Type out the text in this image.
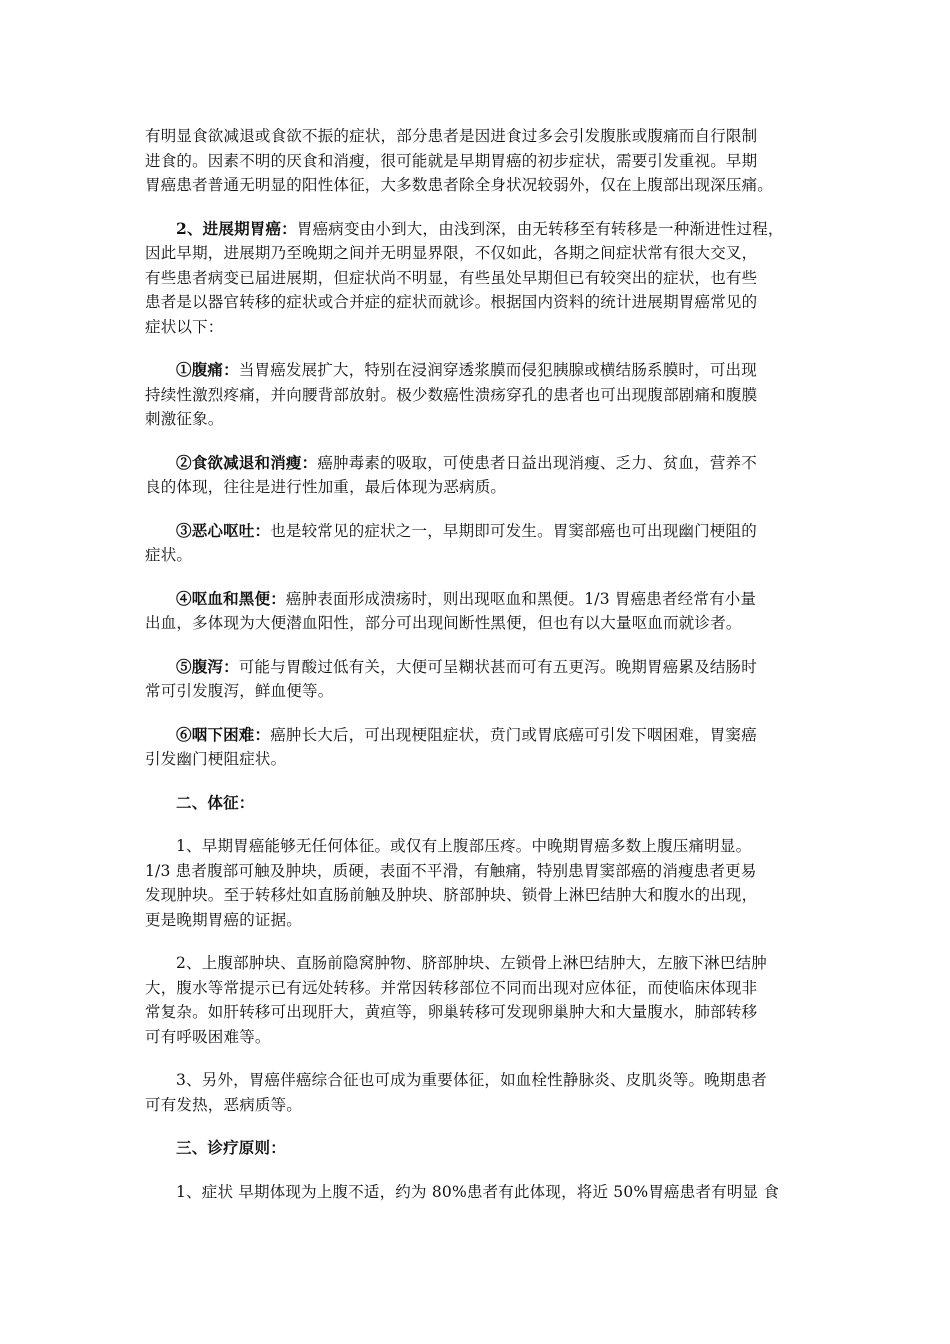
有明显食欲减退或食欲不振的症状，部分患者是因进食过多会引发腹胀或腹痛而自行限制
进食的。因素不明的厌食和消瘦，很可能就是早期胃癌的初步症状，需要引发重视。早期
胃癌患者普通无明显的阳性体征，大多数患者除全身状况较弱外，仅在上腹部出现深压痛。

2、进展期胃癌：胃癌病变由小到大，由浅到深，由无转移至有转移是一种渐进性过程，
因此早期，进展期乃至晚期之间并无明显界限，不仅如此，各期之间症状常有很大交叉，
有些患者病变已届进展期，但症状尚不明显，有些虽处早期但已有较突出的症状，也有些
患者是以器官转移的症状或合并症的症状而就诊。根据国内资料的统计进展期胃癌常见的
症状以下：

①腹痛：当胃癌发展扩大，特别在浸润穿透浆膜而侵犯胰腺或横结肠系膜时，可出现
持续性激烈疼痛，并向腰背部放射。极少数癌性溃疡穿孔的患者也可出现腹部剧痛和腹膜
刺激征象。

②食欲减退和消瘦：癌肿毒素的吸取，可使患者日益出现消瘦、乏力、贫血，营养不
良的体现，往往是进行性加重，最后体现为恶病质。

③恶心呕吐：也是较常见的症状之一，早期即可发生。胃窦部癌也可出现幽门梗阻的
症状。

④呕血和黑便：癌肿表面形成溃疡时，则出现呕血和黑便。1/3 胃癌患者经常有小量
出血，多体现为大便潜血阳性，部分可出现间断性黑便，但也有以大量呕血而就诊者。

⑤腹泻：可能与胃酸过低有关，大便可呈糊状甚而可有五更泻。晚期胃癌累及结肠时
常可引发腹泻，鲜血便等。

⑥咽下困难：癌肿长大后，可出现梗阻症状，贲门或胃底癌可引发下咽困难，胃窦癌
引发幽门梗阻症状。

二、体征：

1、早期胃癌能够无任何体征。或仅有上腹部压疼。中晚期胃癌多数上腹压痛明显。
1/3 患者腹部可触及肿块，质硬，表面不平滑，有触痛，特别患胃窦部癌的消瘦患者更易
发现肿块。至于转移灶如直肠前触及肿块、脐部肿块、锁骨上淋巴结肿大和腹水的出现，
更是晚期胃癌的证据。

2、上腹部肿块、直肠前隐窝肿物、脐部肿块、左锁骨上淋巴结肿大，左腋下淋巴结肿
大，腹水等常提示已有远处转移。并常因转移部位不同而出现对应体征，而使临床体现非
常复杂。如肝转移可出现肝大，黄疸等，卵巢转移可发现卵巢肿大和大量腹水，肺部转移
可有呼吸困难等。

3、另外，胃癌伴癌综合征也可成为重要体征，如血栓性静脉炎、皮肌炎等。晚期患者
可有发热，恶病质等。

三、诊疗原则：

1、症状 早期体现为上腹不适，约为 80%患者有此体现，将近 50%胃癌患者有明显 食
